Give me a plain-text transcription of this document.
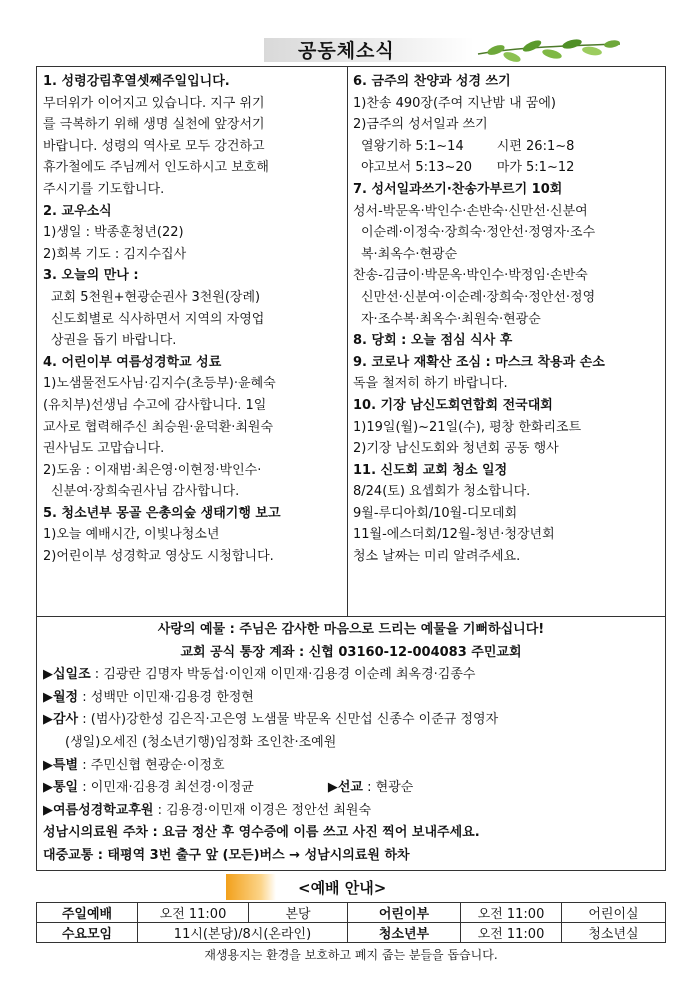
공동체소식
1. 성령강림후열셋째주일입니다.
무더위가 이어지고 있습니다. 지구 위기
를 극복하기 위해 생명 실천에 앞장서기
바랍니다. 성령의 역사로 모두 강건하고
휴가철에도 주님께서 인도하시고 보호해
주시기를 기도합니다.
2. 교우소식
1)생일 : 박종훈청년(22)
2)회복 기도 : 김지수집사
3. 오늘의 만나 :
교회 5천원+현광순권사 3천원(장례)
신도회별로 식사하면서 지역의 자영업
상권을 돕기 바랍니다.
4. 어린이부 여름성경학교 성료
1)노샘물전도사님·김지수(초등부)·윤혜숙
(유치부)선생님 수고에 감사합니다. 1일
교사로 협력해주신 최승원·윤덕환·최원숙
권사님도 고맙습니다.
2)도움 : 이재범·최은영·이현정·박인수·
신분여·장희숙권사님 감사합니다.
5. 청소년부 몽골 은총의숲 생태기행 보고
1)오늘 예배시간, 이빛나청소년
2)어린이부 성경학교 영상도 시청합니다.
6. 금주의 찬양과 성경 쓰기
1)찬송 490장(주여 지난밤 내 꿈에)
2)금주의 성서일과 쓰기
열왕기하 5:1~14        시편 26:1~8
야고보서 5:13~20      마가 5:1~12
7. 성서일과쓰기·찬송가부르기 10회
성서-박문옥·박인수·손반숙·신만선·신분여
이순례·이정숙·장희숙·정안선·정영자·조수
복·최옥수·현광순
찬송-김금이·박문옥·박인수·박정임·손반숙
신만선·신분여·이순례·장희숙·정안선·정영
자·조수복·최옥수·최원숙·현광순
8. 당회 : 오늘 점심 식사 후
9. 코로나 재확산 조심 : 마스크 착용과 손소
독을 철저히 하기 바랍니다.
10. 기장 남신도회연합회 전국대회
1)19일(월)~21일(수), 평창 한화리조트
2)기장 남신도회와 청년회 공동 행사
11. 신도회 교회 청소 일정
8/24(토) 요셉회가 청소합니다.
9월-루디아회/10월-디모데회
11월-에스더회/12월-청년·청장년회
청소 날짜는 미리 알려주세요.
사랑의 예물 : 주님은 감사한 마음으로 드리는 예물을 기뻐하십니다!
교회 공식 통장 계좌 : 신협 03160-12-004083 주민교회
▶십일조 : 김광란 김명자 박동섭·이인재 이민재·김용경 이순례 최옥경·김종수
▶월정 : 성백만 이민재·김용경 한정현
▶감사 : (범사)강한성 김은직·고은영 노샘물 박문옥 신만섭 신종수 이준규 정영자
(생일)오세진 (청소년기행)임정화 조인찬·조예원
▶특별 : 주민신협 현광순·이정호
▶통일 : 이민재·김용경 최선경·이정균	▶선교 : 현광순
▶여름성경학교후원 : 김용경·이민재 이경은 정안선 최원숙
성남시의료원 주차 : 요금 정산 후 영수증에 이름 쓰고 사진 찍어 보내주세요.
대중교통 : 태평역 3번 출구 앞 (모든)버스 → 성남시의료원 하차
<예배 안내>
주일예배	오전 11:00	본당	어린이부	오전 11:00	어린이실
수요모임	11시(본당)/8시(온라인)		청소년부	오전 11:00	청소년실
재생용지는 환경을 보호하고 폐지 줍는 분들을 돕습니다.
